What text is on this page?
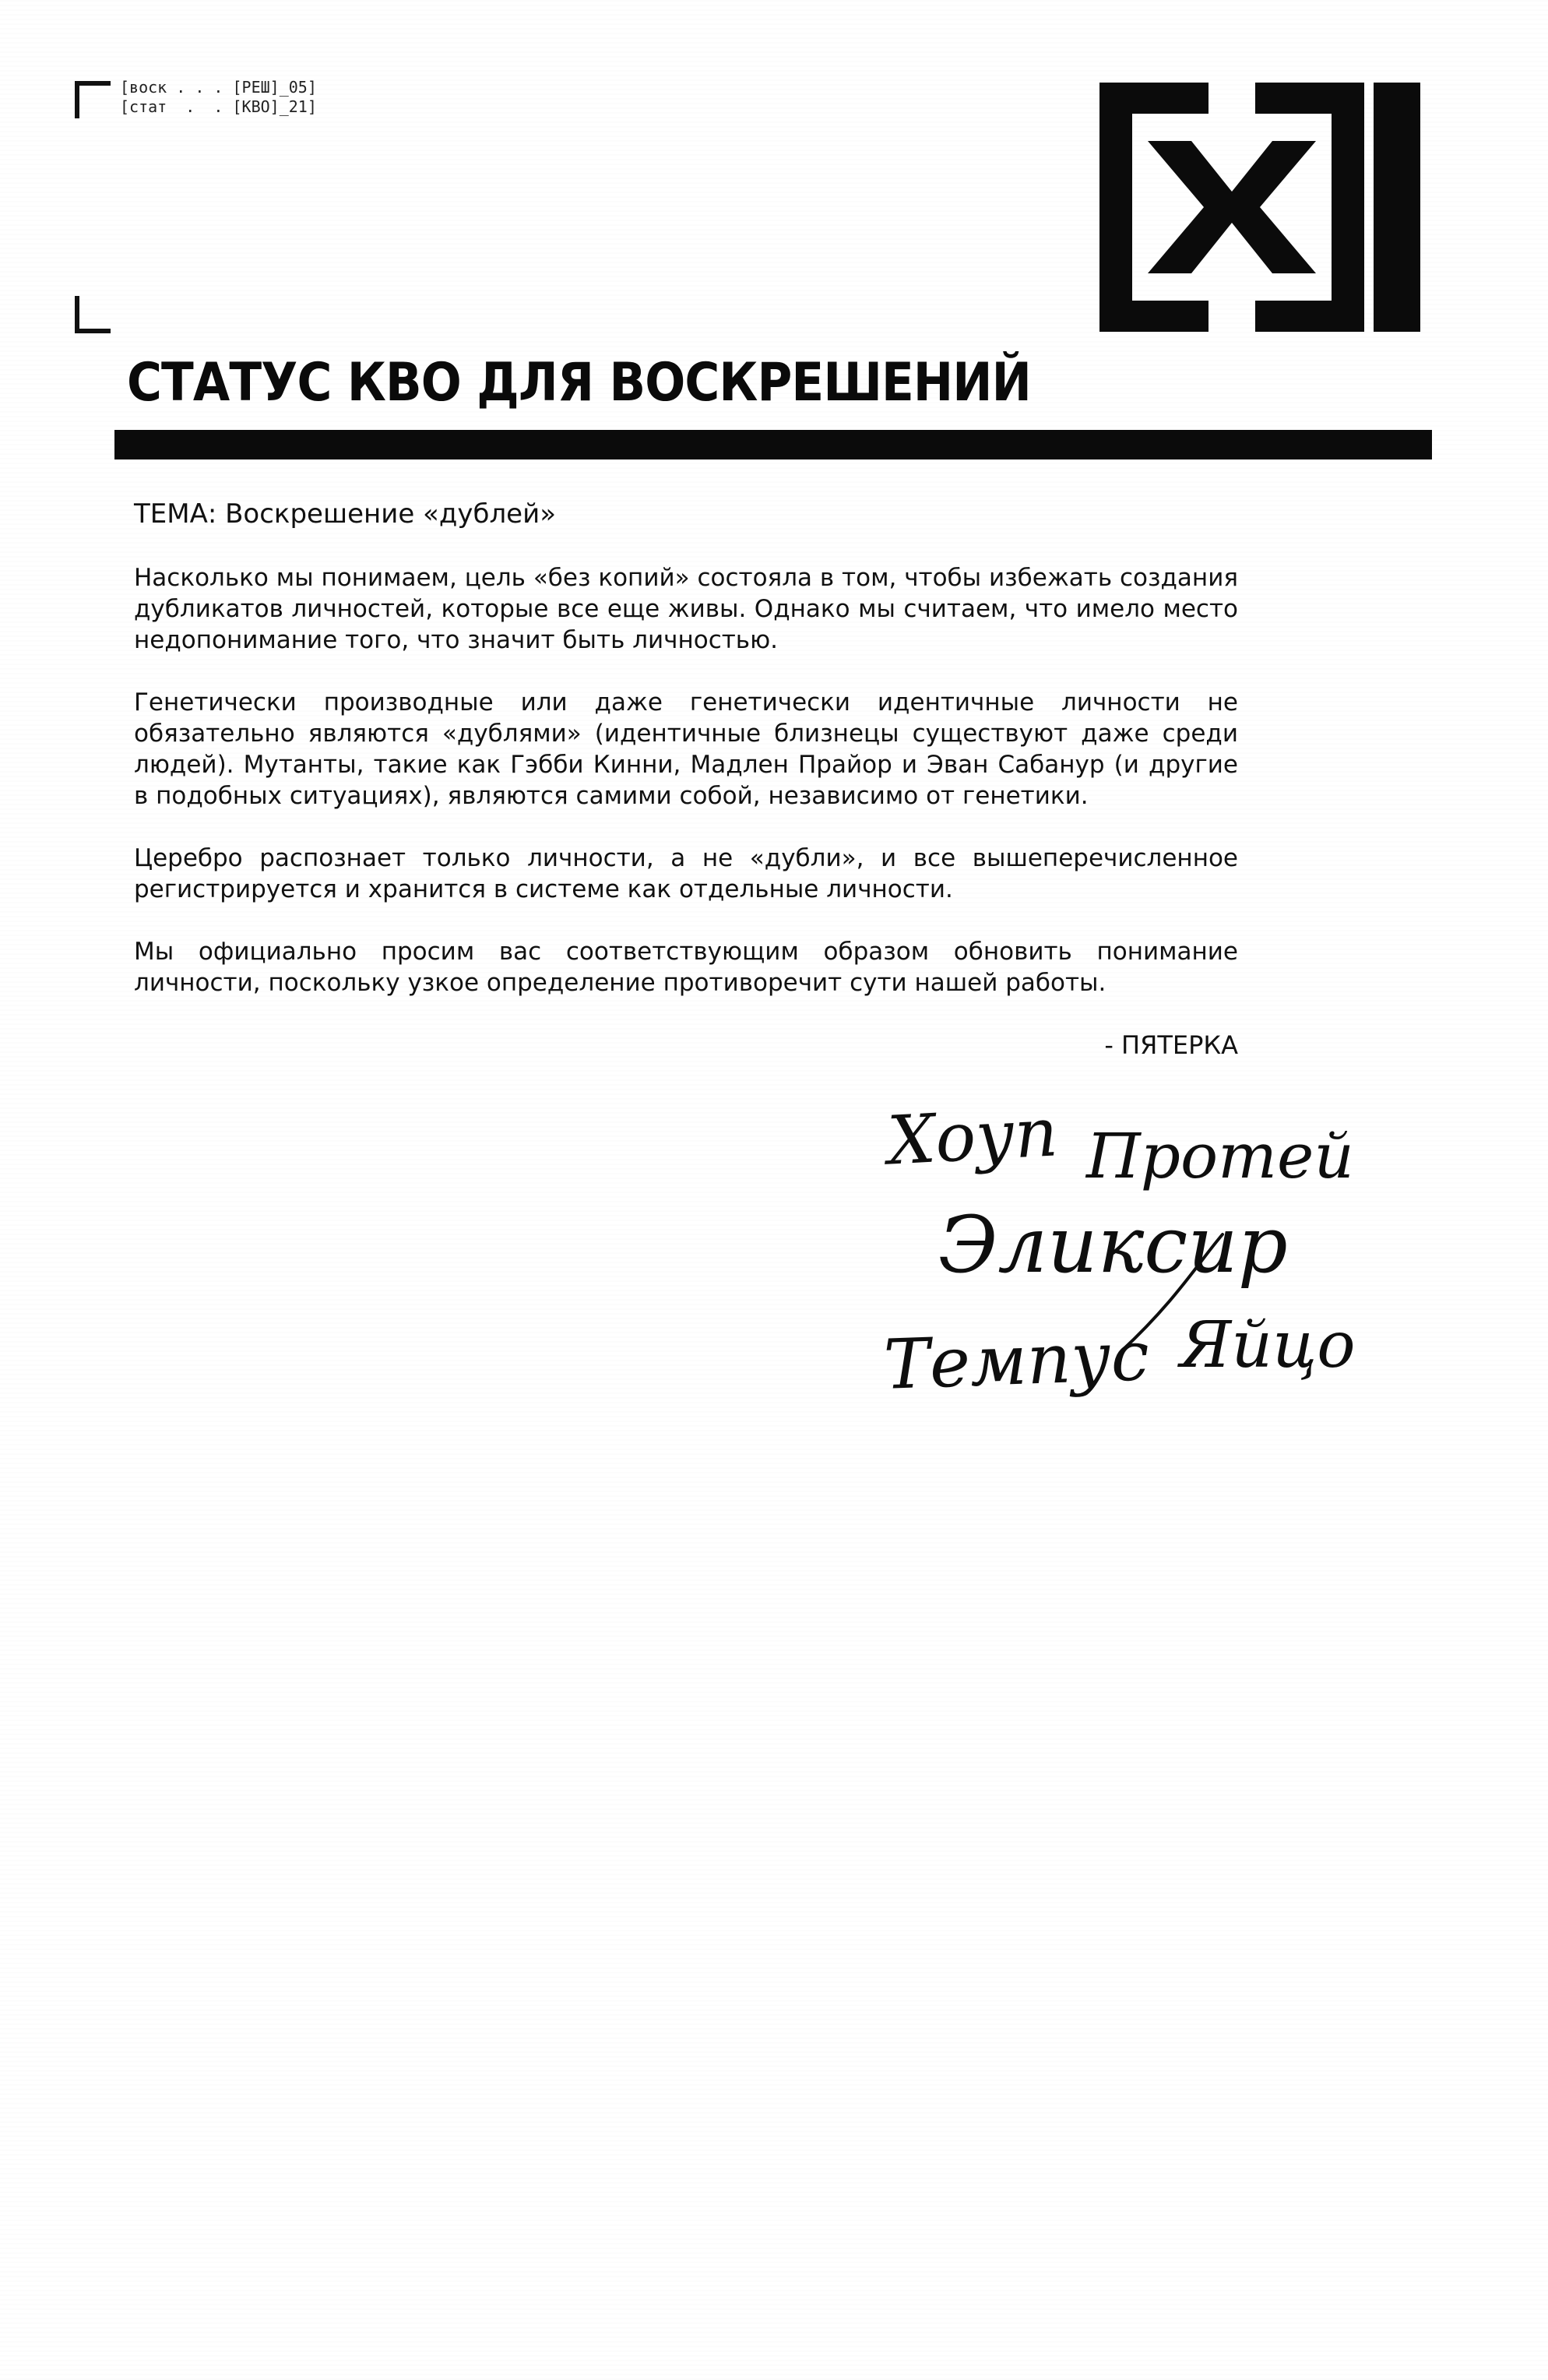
[воск . . . [РЕШ]_05]
[стат  .  . [КВО]_21]
СТАТУС КВО ДЛЯ ВОСКРЕШЕНИЙ

ТЕМА: Воскрешение «дублей»

Насколько мы понимаем, цель «без копий» состояла в том, чтобы избежать создания дубликатов личностей, которые все еще живы. Однако мы считаем, что имело место недопонимание того, что значит быть личностью.

Генетически производные или даже генетически идентичные личности не обязательно являются «дублями» (идентичные близнецы существуют даже среди людей). Мутанты, такие как Гэбби Кинни, Мадлен Прайор и Эван Сабанур (и другие в подобных ситуациях), являются самими собой, независимо от генетики.

Церебро распознает только личности, а не «дубли», и все вышеперечисленное регистрируется и хранится в системе как отдельные личности.

Мы официально просим вас соответствующим образом обновить понимание личности, поскольку узкое определение противоречит сути нашей работы.

- ПЯТЕРКА
Хоуп Протей
Эликсир
Темпус Яйцо
